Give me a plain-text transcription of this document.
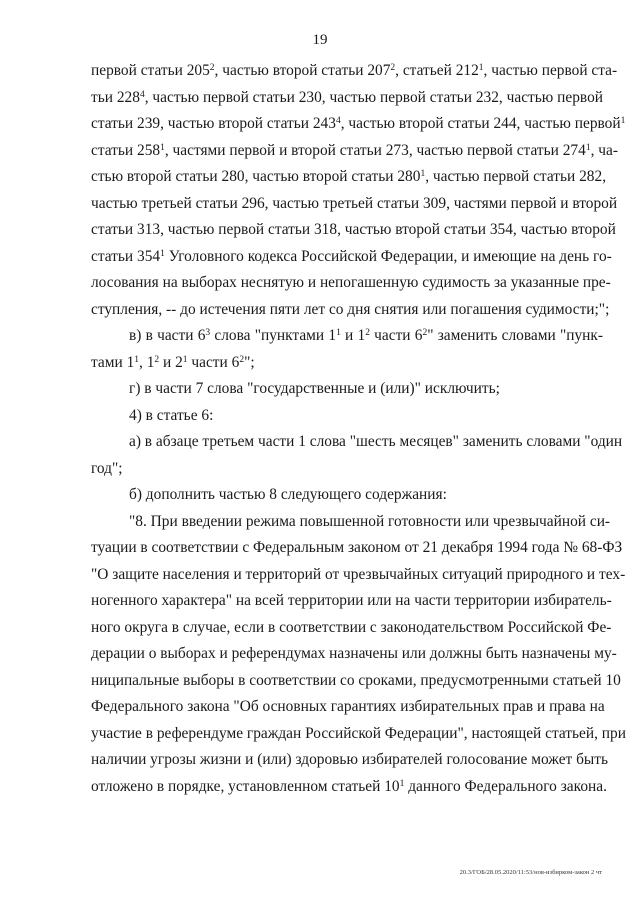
19
первой статьи $205^2$, частью второй статьи $207^2$, статьей $212^1$, частью первой ста-
тьи $228^4$, частью первой статьи 230, частью первой статьи 232, частью первой
статьи 239, частью второй статьи $243^4$, частью второй статьи 244, частью первой$^1$
статьи $258^1$, частями первой и второй статьи 273, частью первой статьи $274^1$, ча-
стью второй статьи 280, частью второй статьи $280^1$, частью первой статьи 282,
частью третьей статьи 296, частью третьей статьи 309, частями первой и второй
статьи 313, частью первой статьи 318, частью второй статьи 354, частью второй
статьи $354^1$ Уголовного кодекса Российской Федерации, и имеющие на день го-
лосования на выборах неснятую и непогашенную судимость за указанные пре-
ступления, -- до истечения пяти лет со дня снятия или погашения судимости;";
в) в части $6^3$ слова "пунктами $1^1$ и $1^2$ части $6^2$" заменить словами "пунк-
тами $1^1$, $1^2$ и $2^1$ части $6^2$";
г) в части 7 слова "государственные и (или)" исключить;
4) в статье 6:
а) в абзаце третьем части 1 слова "шесть месяцев" заменить словами "один
год";
б) дополнить частью 8 следующего содержания:
"8. При введении режима повышенной готовности или чрезвычайной си-
туации в соответствии с Федеральным законом от 21 декабря 1994 года № 68-ФЗ
"О защите населения и территорий от чрезвычайных ситуаций природного и тех-
ногенного характера" на всей территории или на части территории избиратель-
ного округа в случае, если в соответствии с законодательством Российской Фе-
дерации о выборах и референдумах назначены или должны быть назначены му-
ниципальные выборы в соответствии со сроками, предусмотренными статьей 10
Федерального закона "Об основных гарантиях избирательных прав и права на
участие в референдуме граждан Российской Федерации", настоящей статьей, при
наличии угрозы жизни и (или) здоровью избирателей голосование может быть
отложено в порядке, установленном статьей $10^1$ данного Федерального закона.
20.3/ГОБ/28.05.2020/11:53/нов-избирком-закон 2 чт
